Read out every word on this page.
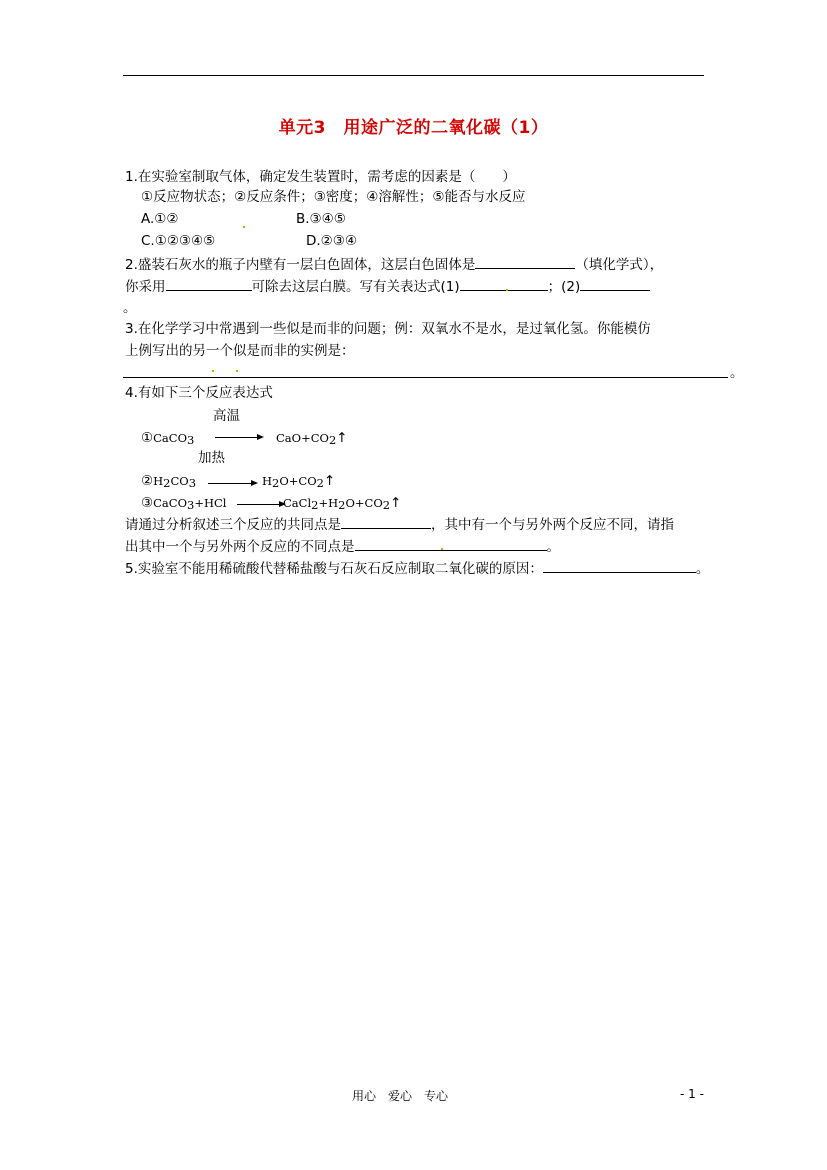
单元3　用途广泛的二氧化碳（1）
1.在实验室制取气体，确定发生装置时，需考虑的因素是（　　）
①反应物状态；②反应条件；③密度；④溶解性；⑤能否与水反应
A.①②	B.③④⑤
C.①②③④⑤	D.②③④
2.盛装石灰水的瓶子内壁有一层白色固体，这层白色固体是	（填化学式），
你采用	可除去这层白膜。写有关表达式(1)	；(2)
。
3.在化学学习中常遇到一些似是而非的问题；例：双氧水不是水，是过氧化氢。你能模仿
上例写出的另一个似是而非的实例是：
。
4.有如下三个反应表达式
高温
①CaCO3	CaO+CO2↑
加热
②H2CO3	H2O+CO2↑
③CaCO3+HCl	CaCl2+H2O+CO2↑
请通过分析叙述三个反应的共同点是	，其中有一个与另外两个反应不同，请指
出其中一个与另外两个反应的不同点是	。
5.实验室不能用稀硫酸代替稀盐酸与石灰石反应制取二氧化碳的原因：	。
用心　爱心　专心	- 1 -
